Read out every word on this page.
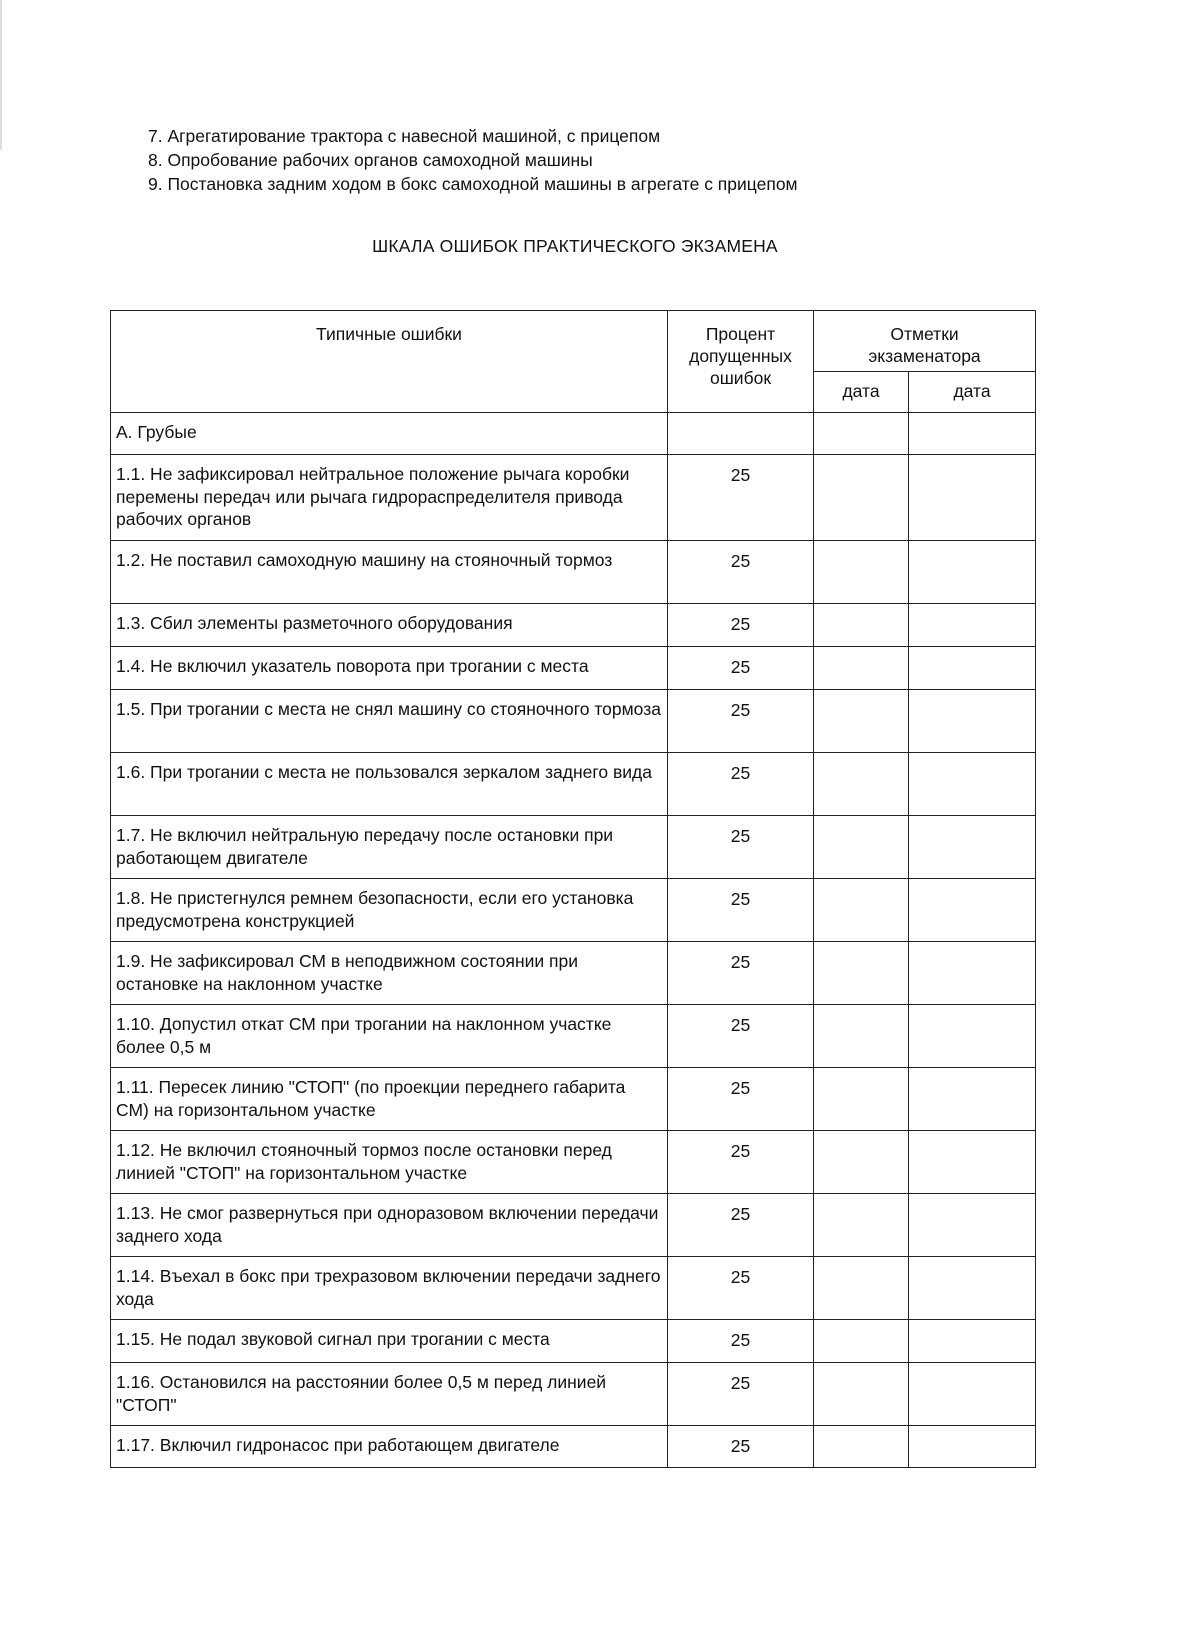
7. Агрегатирование трактора с навесной машиной, с прицепом
8. Опробование рабочих органов самоходной машины
9. Постановка задним ходом в бокс самоходной машины в агрегате с прицепом
ШКАЛА ОШИБОК ПРАКТИЧЕСКОГО ЭКЗАМЕНА
Типичные ошибки	Процент допущенных ошибок	Отметки экзаменатора	
		дата	дата
А. Грубые			
1.1. Не зафиксировал нейтральное положение рычага коробки перемены передач или рычага гидрораспределителя привода рабочих органов	25		
1.2. Не поставил самоходную машину на стояночный тормоз	25		
1.3. Сбил элементы разметочного оборудования	25		
1.4. Не включил указатель поворота при трогании с места	25		
1.5. При трогании с места не снял машину со стояночного тормоза	25		
1.6. При трогании с места не пользовался зеркалом заднего вида	25		
1.7. Не включил нейтральную передачу после остановки при работающем двигателе	25		
1.8. Не пристегнулся ремнем безопасности, если его установка предусмотрена конструкцией	25		
1.9. Не зафиксировал СМ в неподвижном состоянии при остановке на наклонном участке	25		
1.10. Допустил откат СМ при трогании на наклонном участке более 0,5 м	25		
1.11. Пересек линию "СТОП" (по проекции переднего габарита СМ) на горизонтальном участке	25		
1.12. Не включил стояночный тормоз после остановки перед линией "СТОП" на горизонтальном участке	25		
1.13. Не смог развернуться при одноразовом включении передачи заднего хода	25		
1.14. Въехал в бокс при трехразовом включении передачи заднего хода	25		
1.15. Не подал звуковой сигнал при трогании с места	25		
1.16. Остановился на расстоянии более 0,5 м перед линией "СТОП"	25		
1.17. Включил гидронасос при работающем двигателе	25		
